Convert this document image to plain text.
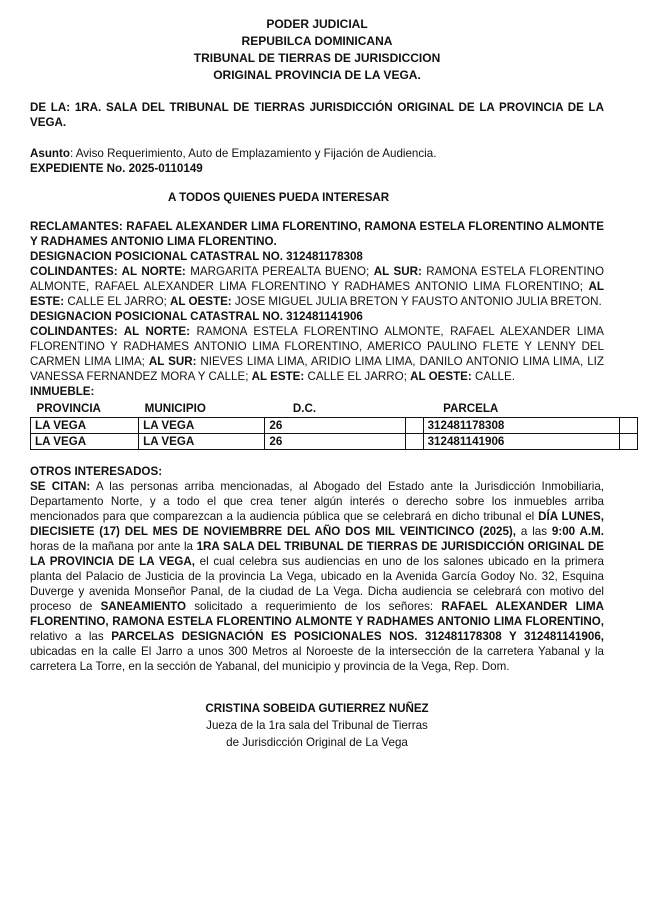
PODER JUDICIAL
REPUBILCA DOMINICANA
TRIBUNAL DE TIERRAS DE JURISDICCION
ORIGINAL PROVINCIA DE LA VEGA.

DE LA: 1RA. SALA DEL TRIBUNAL DE TIERRAS JURISDICCIÓN ORIGINAL DE LA PROVINCIA DE LA VEGA.

Asunto: Aviso Requerimiento, Auto de Emplazamiento y Fijación de Audiencia.

EXPEDIENTE No. 2025-0110149

A TODOS QUIENES PUEDA INTERESAR

RECLAMANTES: RAFAEL ALEXANDER LIMA FLORENTINO, RAMONA ESTELA FLORENTINO ALMONTE Y RADHAMES ANTONIO LIMA FLORENTINO.

DESIGNACION POSICIONAL CATASTRAL NO. 312481178308

COLINDANTES: AL NORTE: MARGARITA PEREALTA BUENO; AL SUR: RAMONA ESTELA FLORENTINO ALMONTE, RAFAEL ALEXANDER LIMA FLORENTINO Y RADHAMES ANTONIO LIMA FLORENTINO; AL ESTE: CALLE EL JARRO; AL OESTE: JOSE MIGUEL JULIA BRETON Y FAUSTO ANTONIO JULIA BRETON.

DESIGNACION POSICIONAL CATASTRAL NO. 312481141906

COLINDANTES: AL NORTE: RAMONA ESTELA FLORENTINO ALMONTE, RAFAEL ALEXANDER LIMA FLORENTINO Y RADHAMES ANTONIO LIMA FLORENTINO, AMERICO PAULINO FLETE Y LENNY DEL CARMEN LIMA LIMA; AL SUR: NIEVES LIMA LIMA, ARIDIO LIMA LIMA, DANILO ANTONIO LIMA LIMA, LIZ VANESSA FERNANDEZ MORA Y CALLE; AL ESTE: CALLE EL JARRO; AL OESTE: CALLE.

INMUEBLE:

PROVINCIA	MUNICIPIO	D.C.		PARCELA	
LA VEGA	LA VEGA	26		312481178308	
LA VEGA	LA VEGA	26		312481141906	

OTROS INTERESADOS:

SE CITAN: A las personas arriba mencionadas, al Abogado del Estado ante la Jurisdicción Inmobiliaria, Departamento Norte, y a todo el que crea tener algún interés o derecho sobre los inmuebles arriba mencionados para que comparezcan a la audiencia pública que se celebrará en dicho tribunal el DÍA LUNES, DIECISIETE (17) DEL MES DE NOVIEMBRRE DEL AÑO DOS MIL VEINTICINCO (2025), a las 9:00 A.M. horas de la mañana por ante la 1RA SALA DEL TRIBUNAL DE TIERRAS DE JURISDICCIÓN ORIGINAL DE LA PROVINCIA DE LA VEGA, el cual celebra sus audiencias en uno de los salones ubicado en la primera planta del Palacio de Justicia de la provincia La Vega, ubicado en la Avenida García Godoy No. 32, Esquina Duverge y avenida Monseñor Panal, de la ciudad de La Vega. Dicha audiencia se celebrará con motivo del proceso de SANEAMIENTO solicitado a requerimiento de los señores: RAFAEL ALEXANDER LIMA FLORENTINO, RAMONA ESTELA FLORENTINO ALMONTE Y RADHAMES ANTONIO LIMA FLORENTINO, relativo a las PARCELAS DESIGNACIÓN ES POSICIONALES NOS. 312481178308 Y 312481141906, ubicadas en la calle El Jarro a unos 300 Metros al Noroeste de la intersección de la carretera Yabanal y la carretera La Torre, en la sección de Yabanal, del municipio y provincia de la Vega, Rep. Dom.

CRISTINA SOBEIDA GUTIERREZ NUÑEZ
Jueza de la 1ra sala del Tribunal de Tierras
de Jurisdicción Original de La Vega
